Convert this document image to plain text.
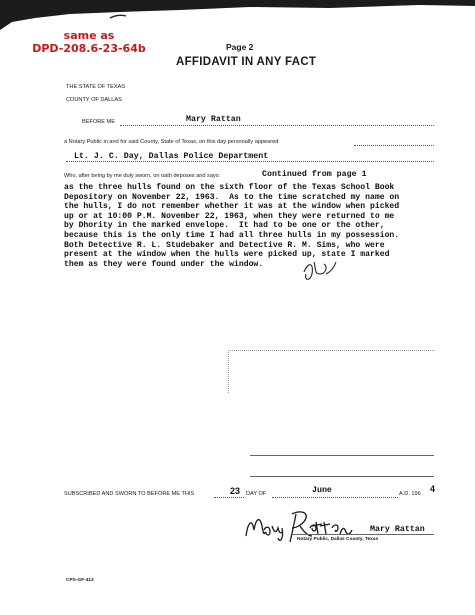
same as
DPD-208.6-23-64b	Page 2
AFFIDAVIT IN ANY FACT
THE STATE OF TEXAS
COUNTY OF DALLAS
BEFORE ME	Mary Rattan
a Notary Public in and for said County, State of Texas, on this day personally appeared
Lt. J. C. Day, Dallas Police Department
Who, after being by me duly sworn, on oath deposes and says:	Continued from page 1
as the three hulls found on the sixth floor of the Texas School Book
Depository on November 22, 1963.  As to the time scratched my name on
the hulls, I do not remember whether it was at the window when picked
up or at 10:00 P.M. November 22, 1963, when they were returned to me
by Dhority in the marked envelope.  It had to be one or the other,
because this is the only time I had all three hulls in my possession.
Both Detective R. L. Studebaker and Detective R. M. Sims, who were
present at the window when the hulls were picked up, state I marked
them as they were found under the window.
SUBSCRIBED AND SWORN TO BEFORE ME THIS	23 DAY OF	June	A.D. 196 4
Mary Rattan
Notary Public, Dallas County, Texas
CPS-GF-413
